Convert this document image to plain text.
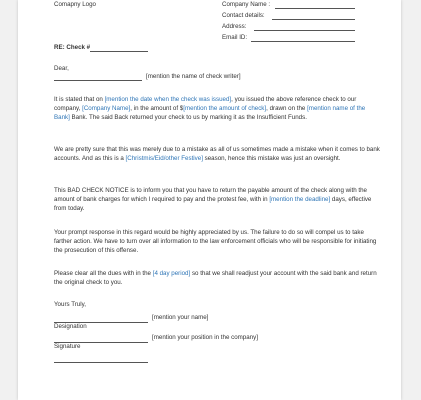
Comapny Logo	Company Name :
Contact details:
Address:
Email ID:
RE: Check #
Dear,
[mention the name of check writer]
It is stated that on [mention the date when the check was issued], you issued the above reference check to our company, [Company Name], in the amount of $[mention the amount of check], drawn on the [mention name of the Bank] Bank. The said Back returned your check to us by marking it as the Insufficient Funds.
We are pretty sure that this was merely due to a mistake as all of us sometimes made a mistake when it comes to bank accounts. And as this is a [Christmis/Eid/other Festive] season, hence this mistake was just an oversight.
This BAD CHECK NOTICE is to inform you that you have to return the payable amount of the check along with the amount of bank charges for which I required to pay and the protest fee, with in [mention the deadline] days, effective from today.
Your prompt response in this regard would be highly appreciated by us. The failure to do so will compel us to take farther action. We have to turn over all information to the law enforcement officials who will be responsible for initiating the prosecution of this offense.
Please clear all the dues with in the [4 day period] so that we shall readjust your account with the said bank and return the original check to you.
Yours Truly,
[mention your name]
Designation
[mention your position in the company]
Signature
